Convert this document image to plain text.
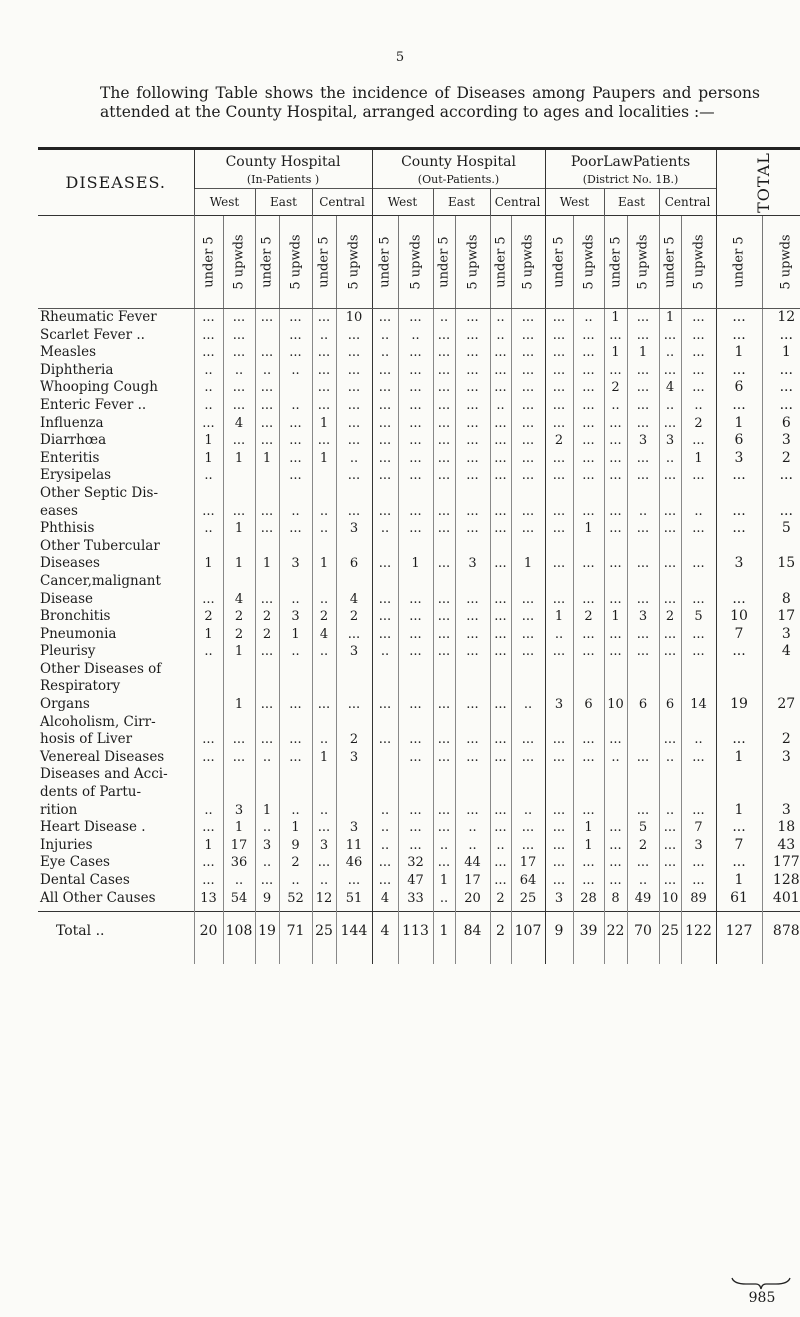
5
The following Table shows the incidence of Diseases among Paupers and persons attended at the County Hospital, arranged according to ages and localities :—
DISEASES.	County Hospital
(In-Patients )						County Hospital
(Out-Patients.)						PoorLawPatients
(District No. 1B.)						TOTAL	
	West		East		Central		West		East		Central		West		East		Central			

	under 5	5 upwds	under 5	5 upwds	under 5	5 upwds	under 5	5 upwds	under 5	5 upwds	under 5	5 upwds	under 5	5 upwds	under 5	5 upwds	under 5	5 upwds	under 5	5 upwds

Rheumatic Fever	...	...	...	...	...	10	...	...	..	...	..	...	...	..	1	...	1	...	...	12

Scarlet Fever ..	...	...		...	..	...	..	..	...	...	..	...	...	...	...	...	...	...	...	...

Measles	...	...	...	...	...	...	..	...	...	...	...	...	...	...	1	1	..	...	1	1

Diphtheria	..	..	..	..	...	...	...	...	...	...	...	...	...	...	...	...	...	...	...	...

Whooping Cough	..	...	...		...	...	...	...	...	...	...	...	...	...	2	...	4	...	6	...

Enteric Fever ..	..	...	...	..	...	...	...	...	...	...	..	...	...	...	..	...	..	..	...	...

Influenza	...	4	...	...	1	...	...	...	...	...	...	...	...	...	...	...	...	2	1	6

Diarrhœa	1	...	...	...	...	...	...	...	...	...	...	...	2	...	...	3	3	...	6	3

Enteritis	1	1	1	...	1	..	...	...	...	...	...	...	...	...	...	...	..	1	3	2

Erysipelas	..			...		...	...	...	...	...	...	...	...	...	...	...	...	...	...	...

Other Septic Dis-
eases	...	...	...	..	..	...	...	...	...	...	...	...	...	...	...	..	...	..	...	...

Phthisis	..	1	...	...	..	3	..	...	...	...	...	...	...	1	...	...	...	...	...	5

Other Tubercular
Diseases	1	1	1	3	1	6	...	1	...	3	...	1	...	...	...	...	...	...	3	15

Cancer,malignant
Disease	...	4	...	..	..	4	...	...	...	...	...	...	...	...	...	...	...	...	...	8

Bronchitis	2	2	2	3	2	2	...	...	...	...	...	...	1	2	1	3	2	5	10	17

Pneumonia	1	2	2	1	4	...	...	...	...	...	...	...	..	...	...	...	...	...	7	3

Pleurisy	..	1	...	..	..	3	..	...	...	...	...	...	...	...	...	...	...	...	...	4

Other Diseases of
Respiratory
Organs		1	...	...	...	...	...	...	...	...	...	..	3	6	10	6	6	14	19	27

Alcoholism, Cirr-
hosis of Liver	...	...	...	...	..	2	...	...	...	...	...	...	...	...	...		...	..	...	2

Venereal Diseases	...	...	..	...	1	3		...	...	...	...	...	...	...	..	...	..	...	1	3

Diseases and Acci-
dents of Partu-
rition	..	3	1	..	..		..	...	...	...	...	..	...	...		...	..	...	1	3

Heart Disease .	...	1	..	1	...	3	..	...	...	..	...	...	...	1	...	5	...	7	...	18

Injuries	1	17	3	9	3	11	..	...	..	..	..	...	...	1	...	2	...	3	7	43

Eye Cases	...	36	..	2	...	46	...	32	...	44	...	17	...	...	...	...	...	...	...	177

Dental Cases	...	..	...	..	..	...	...	47	1	17	...	64	...	...	...	..	...	...	1	128

All Other Causes	13	54	9	52	12	51	4	33	..	20	2	25	3	28	8	49	10	89	61	401
Total ..	20	108	19	71	25	144	4	113	1	84	2	107	9	39	22	70	25	122	127	878

985
